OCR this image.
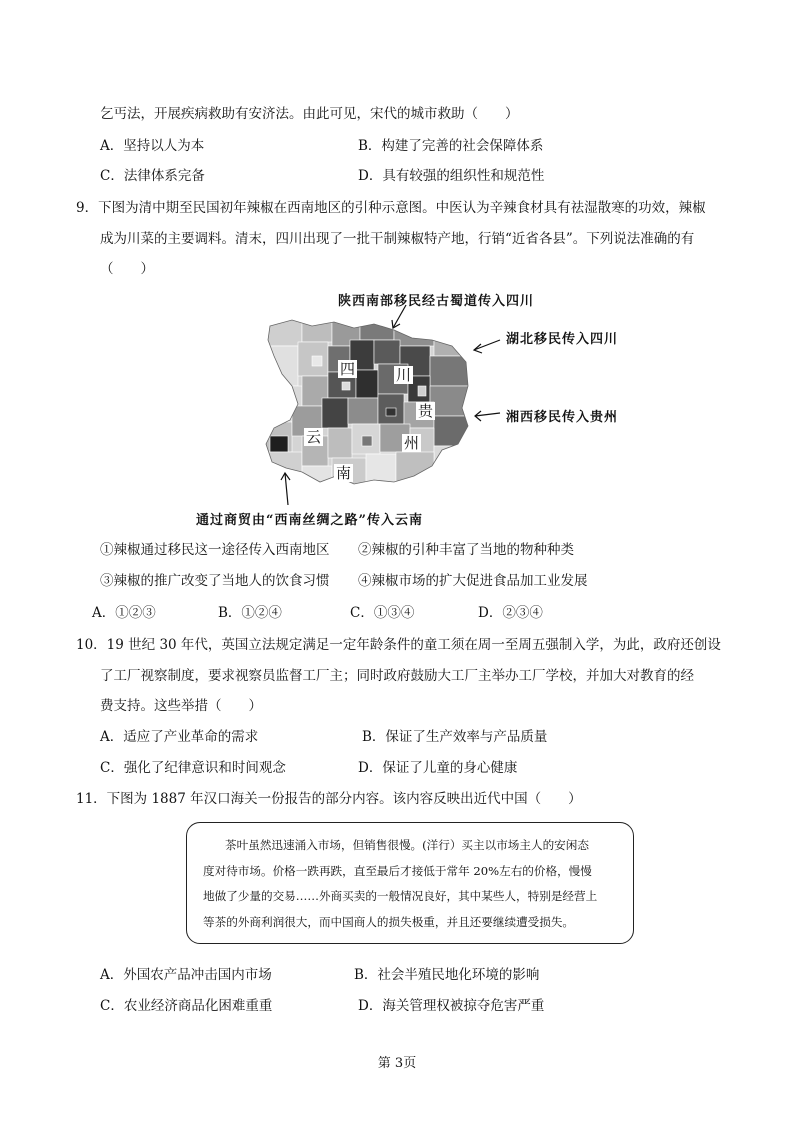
乞丐法，开展疾病救助有安济法。由此可见，宋代的城市救助（　　）
A．坚持以人为本	B．构建了完善的社会保障体系
C．法律体系完备	D．具有较强的组织性和规范性
9．下图为清中期至民国初年辣椒在西南地区的引种示意图。中医认为辛辣食材具有祛湿散寒的功效，辣椒
成为川菜的主要调料。清末，四川出现了一批干制辣椒特产地，行销“近省各县”。下列说法准确的有
（　　）
陕西南部移民经古蜀道传入四川
湖北移民传入四川
湘西移民传入贵州
通过商贸由“西南丝绸之路”传入云南
四	川
贵
州
云
南
①辣椒通过移民这一途径传入西南地区 ②辣椒的引种丰富了当地的物种种类
③辣椒的推广改变了当地人的饮食习惯 ④辣椒市场的扩大促进食品加工业发展
A．①②③	B．①②④	C．①③④	D．②③④
10．19 世纪 30 年代，英国立法规定满足一定年龄条件的童工须在周一至周五强制入学，为此，政府还创设
了工厂视察制度，要求视察员监督工厂主；同时政府鼓励大工厂主举办工厂学校，并加大对教育的经
费支持。这些举措（　　）
A．适应了产业革命的需求	B．保证了生产效率与产品质量
C．强化了纪律意识和时间观念	D．保证了儿童的身心健康
11．下图为 1887 年汉口海关一份报告的部分内容。该内容反映出近代中国（　　）

茶叶虽然迅速涌入市场，但销售很慢。(洋行）买主以市场主人的安闲态

度对待市场。价格一跌再跌，直至最后才接低于常年 20%左右的价格，慢慢

地做了少量的交易……外商买卖的一般情况良好，其中某些人，特别是经营上

等茶的外商利润很大，而中国商人的损失极重，并且还要继续遭受损失。

A．外国农产品冲击国内市场	B．社会半殖民地化环境的影响
C．农业经济商品化困难重重	D．海关管理权被掠夺危害严重
第 3页
